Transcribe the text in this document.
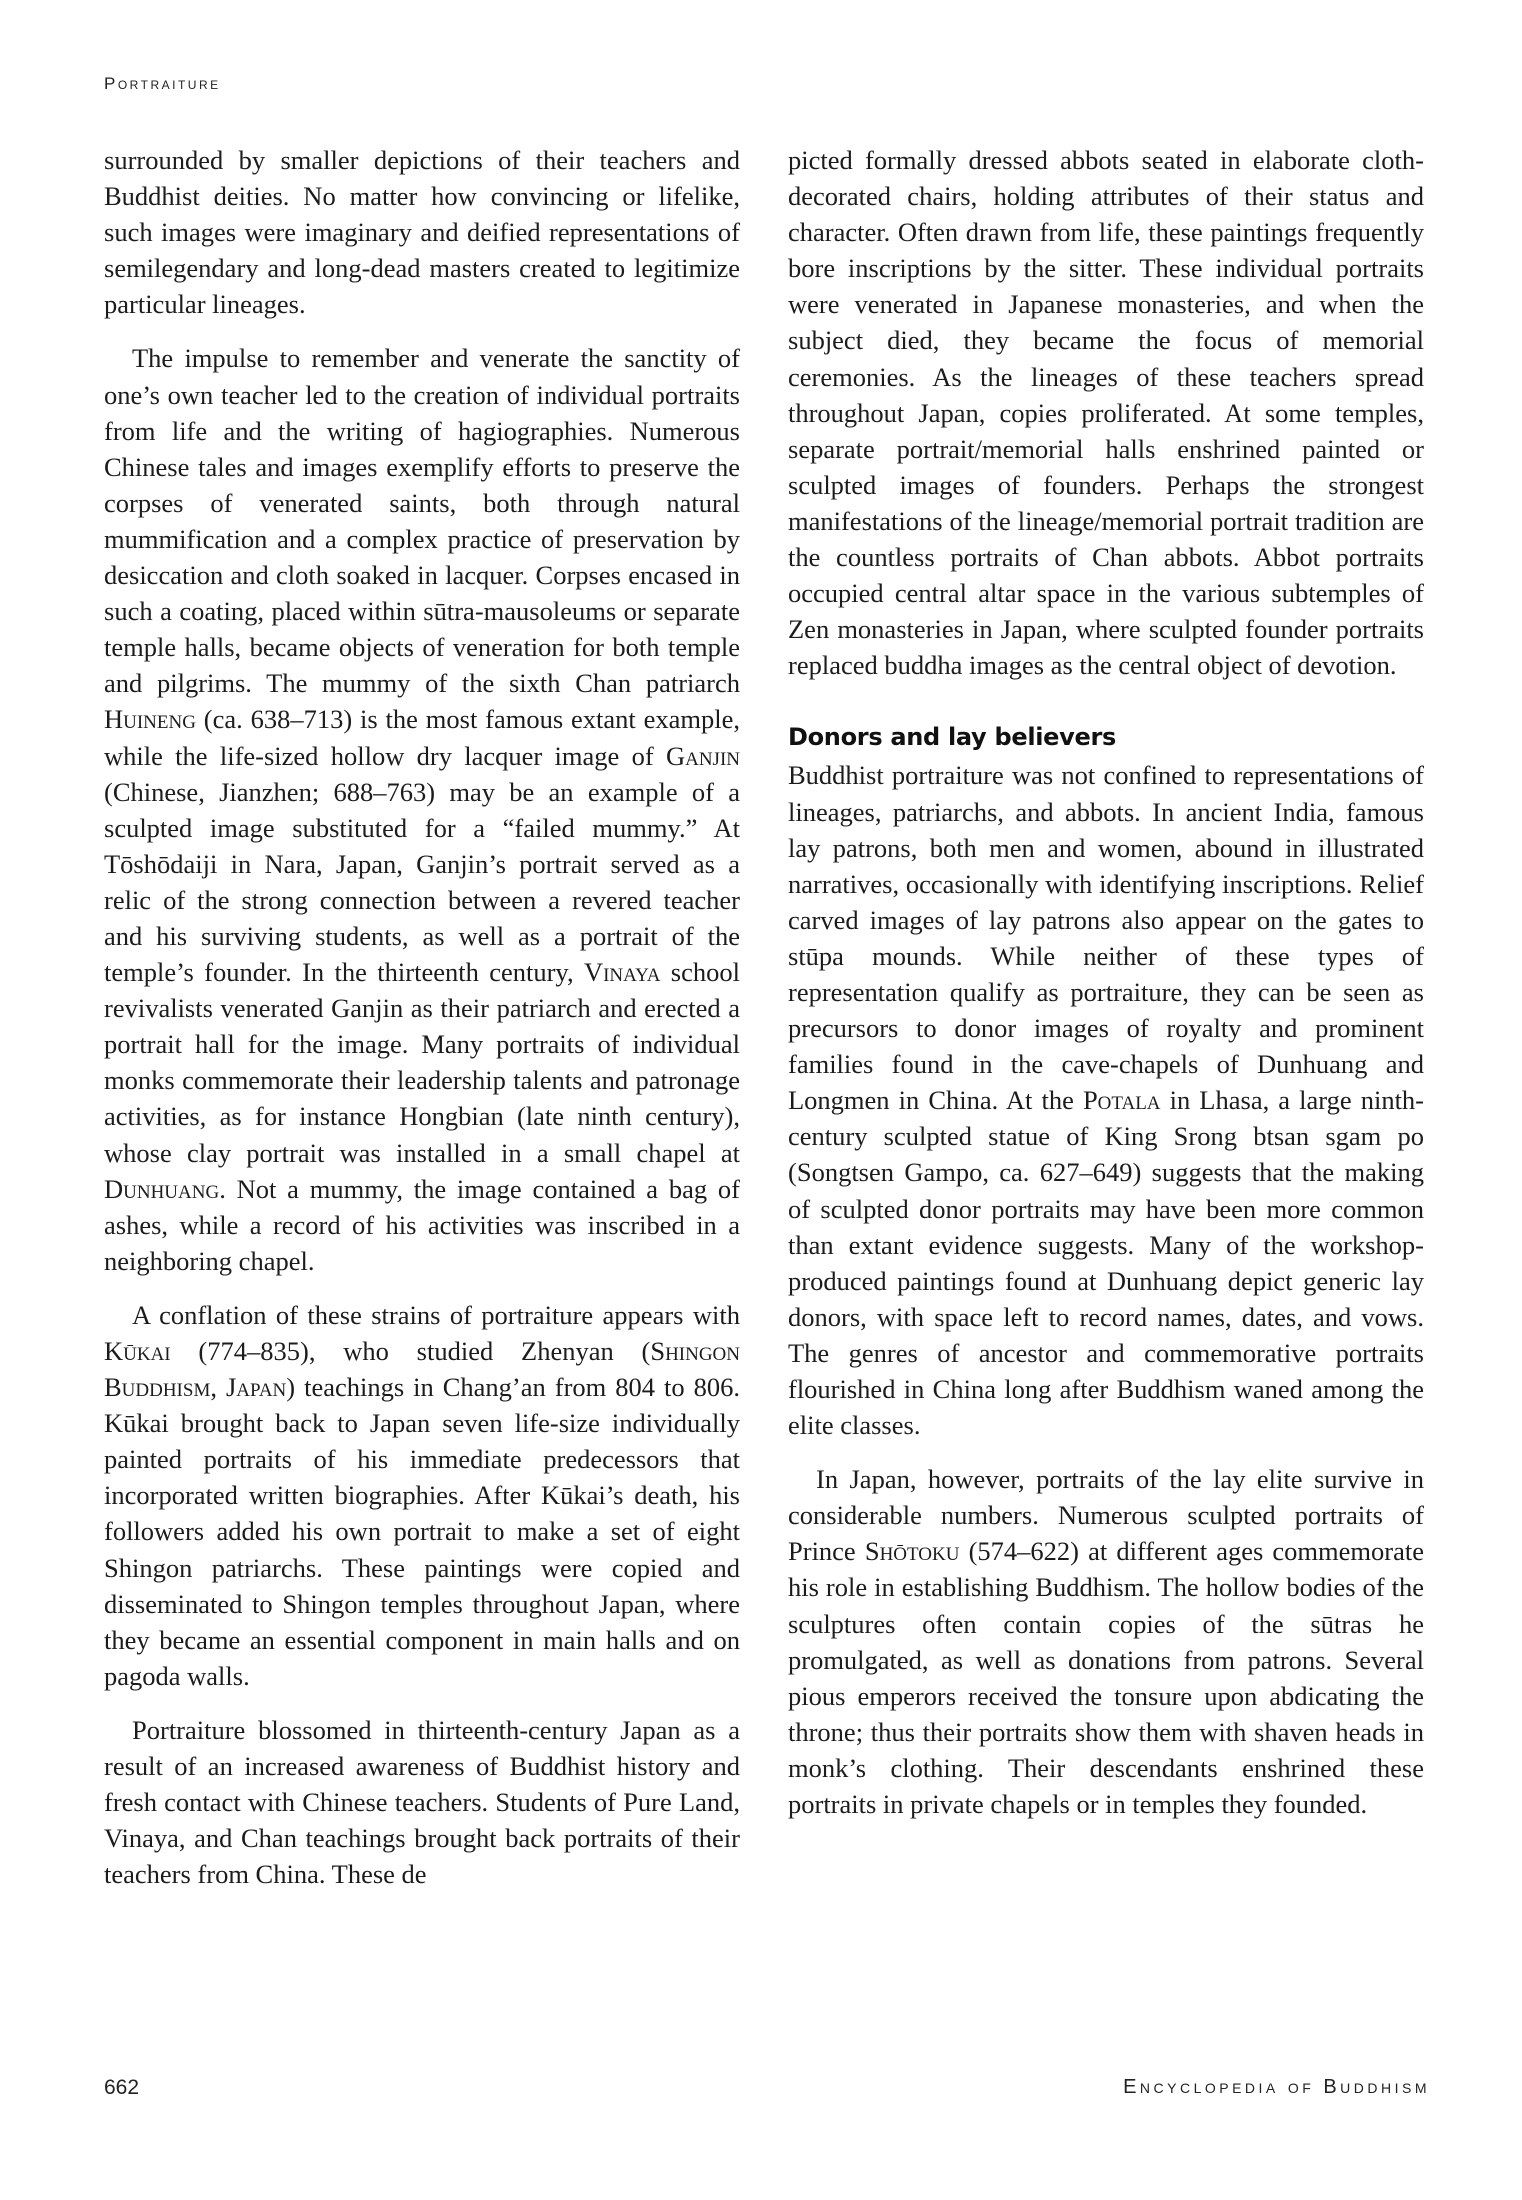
Portraiture

surrounded by smaller depictions of their teachers and Buddhist deities. No matter how convincing or lifelike, such images were imaginary and deified representations of semilegendary and long-dead masters created to legitimize particular lineages.

The impulse to remember and venerate the sanctity of one’s own teacher led to the creation of individual portraits from life and the writing of hagiographies. Numerous Chinese tales and images exemplify efforts to preserve the corpses of venerated saints, both through natural mummification and a complex practice of preservation by desiccation and cloth soaked in lacquer. Corpses encased in such a coating, placed within sūtra-mausoleums or separate temple halls, became objects of veneration for both temple and pilgrims. The mummy of the sixth Chan patriarch Huineng (ca. 638–713) is the most famous extant example, while the life-sized hollow dry lacquer image of Ganjin (Chinese, Jianzhen; 688–763) may be an example of a sculpted image substituted for a “failed mummy.” At Tōshōdaiji in Nara, Japan, Ganjin’s portrait served as a relic of the strong connection between a revered teacher and his surviving students, as well as a portrait of the temple’s founder. In the thirteenth century, Vinaya school revivalists venerated Ganjin as their patriarch and erected a portrait hall for the image. Many portraits of individual monks commemorate their leadership talents and patronage activities, as for instance Hongbian (late ninth century), whose clay portrait was installed in a small chapel at Dunhuang. Not a mummy, the image contained a bag of ashes, while a record of his activities was inscribed in a neighboring chapel.

A conflation of these strains of portraiture appears with Kūkai (774–835), who studied Zhenyan (Shingon Buddhism, Japan) teachings in Chang’an from 804 to 806. Kūkai brought back to Japan seven life-size individually painted portraits of his immediate predecessors that incorporated written biographies. After Kūkai’s death, his followers added his own portrait to make a set of eight Shingon patriarchs. These paintings were copied and disseminated to Shingon temples throughout Japan, where they became an essential component in main halls and on pagoda walls.

Portraiture blossomed in thirteenth-century Japan as a result of an increased awareness of Buddhist history and fresh contact with Chinese teachers. Students of Pure Land, Vinaya, and Chan teachings brought back portraits of their teachers from China. These de

picted formally dressed abbots seated in elaborate cloth-decorated chairs, holding attributes of their status and character. Often drawn from life, these paintings frequently bore inscriptions by the sitter. These individual portraits were venerated in Japanese monasteries, and when the subject died, they became the focus of memorial ceremonies. As the lineages of these teachers spread throughout Japan, copies proliferated. At some temples, separate portrait/memorial halls enshrined painted or sculpted images of founders. Perhaps the strongest manifestations of the lineage/memorial portrait tradition are the countless portraits of Chan abbots. Abbot portraits occupied central altar space in the various subtemples of Zen monasteries in Japan, where sculpted founder portraits replaced buddha images as the central object of devotion.

Donors and lay believers

Buddhist portraiture was not confined to representations of lineages, patriarchs, and abbots. In ancient India, famous lay patrons, both men and women, abound in illustrated narratives, occasionally with identifying inscriptions. Relief carved images of lay patrons also appear on the gates to stūpa mounds. While neither of these types of representation qualify as portraiture, they can be seen as precursors to donor images of royalty and prominent families found in the cave-chapels of Dunhuang and Longmen in China. At the Potala in Lhasa, a large ninth-century sculpted statue of King Srong btsan sgam po (Songtsen Gampo, ca. 627–649) suggests that the making of sculpted donor portraits may have been more common than extant evidence suggests. Many of the workshop-produced paintings found at Dunhuang depict generic lay donors, with space left to record names, dates, and vows. The genres of ancestor and commemorative portraits flourished in China long after Buddhism waned among the elite classes.

In Japan, however, portraits of the lay elite survive in considerable numbers. Numerous sculpted portraits of Prince Shōtoku (574–622) at different ages commemorate his role in establishing Buddhism. The hollow bodies of the sculptures often contain copies of the sūtras he promulgated, as well as donations from patrons. Several pious emperors received the tonsure upon abdicating the throne; thus their portraits show them with shaven heads in monk’s clothing. Their descendants enshrined these portraits in private chapels or in temples they founded.

662	Encyclopedia of Buddhism
